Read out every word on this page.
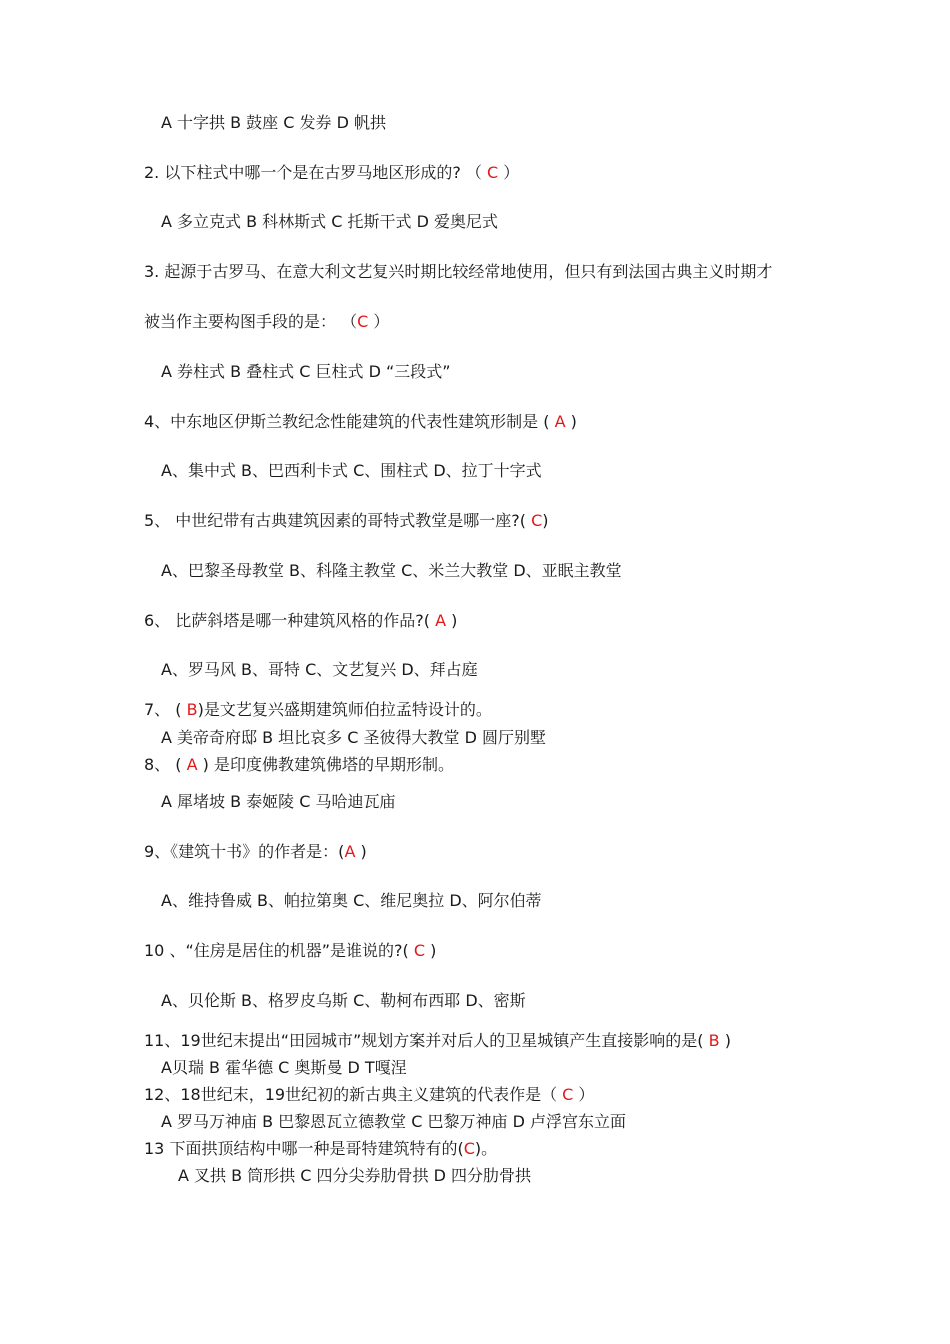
A 十字拱 B 鼓座 C 发券 D 帆拱
2. 以下柱式中哪一个是在古罗马地区形成的? （ C ）
A 多立克式 B 科林斯式 C 托斯干式 D 爱奥尼式
3. 起源于古罗马、在意大利文艺复兴时期比较经常地使用，但只有到法国古典主义时期才
被当作主要构图手段的是： （C ）
A 券柱式 B 叠柱式 C 巨柱式 D “三段式”
4、中东地区伊斯兰教纪念性能建筑的代表性建筑形制是 ( A )
A、集中式 B、巴西利卡式 C、围柱式 D、拉丁十字式
5、 中世纪带有古典建筑因素的哥特式教堂是哪一座?( C)
A、巴黎圣母教堂 B、科隆主教堂 C、米兰大教堂 D、亚眠主教堂
6、 比萨斜塔是哪一种建筑风格的作品?( A )
A、罗马风 B、哥特 C、文艺复兴 D、拜占庭
7、 ( B)是文艺复兴盛期建筑师伯拉孟特设计的。
A 美帝奇府邸 B 坦比哀多 C 圣彼得大教堂 D 圆厅别墅
8、 ( A ) 是印度佛教建筑佛塔的早期形制。
A 犀堵坡 B 泰姬陵 C 马哈迪瓦庙
9、《建筑十书》的作者是：(A )
A、维持鲁威 B、帕拉第奥 C、维尼奥拉 D、阿尔伯蒂
10 、“住房是居住的机器”是谁说的?( C )
A、贝伦斯 B、格罗皮乌斯 C、勒柯布西耶 D、密斯
11、19世纪末提出“田园城市”规划方案并对后人的卫星城镇产生直接影响的是( B )
A贝瑞 B 霍华德 C 奥斯曼 D T嘎涅
12、18世纪末，19世纪初的新古典主义建筑的代表作是（ C ）
A 罗马万神庙 B 巴黎恩瓦立德教堂 C 巴黎万神庙 D 卢浮宫东立面
13 下面拱顶结构中哪一种是哥特建筑特有的(C)。
A 叉拱 B 筒形拱 C 四分尖券肋骨拱 D 四分肋骨拱
